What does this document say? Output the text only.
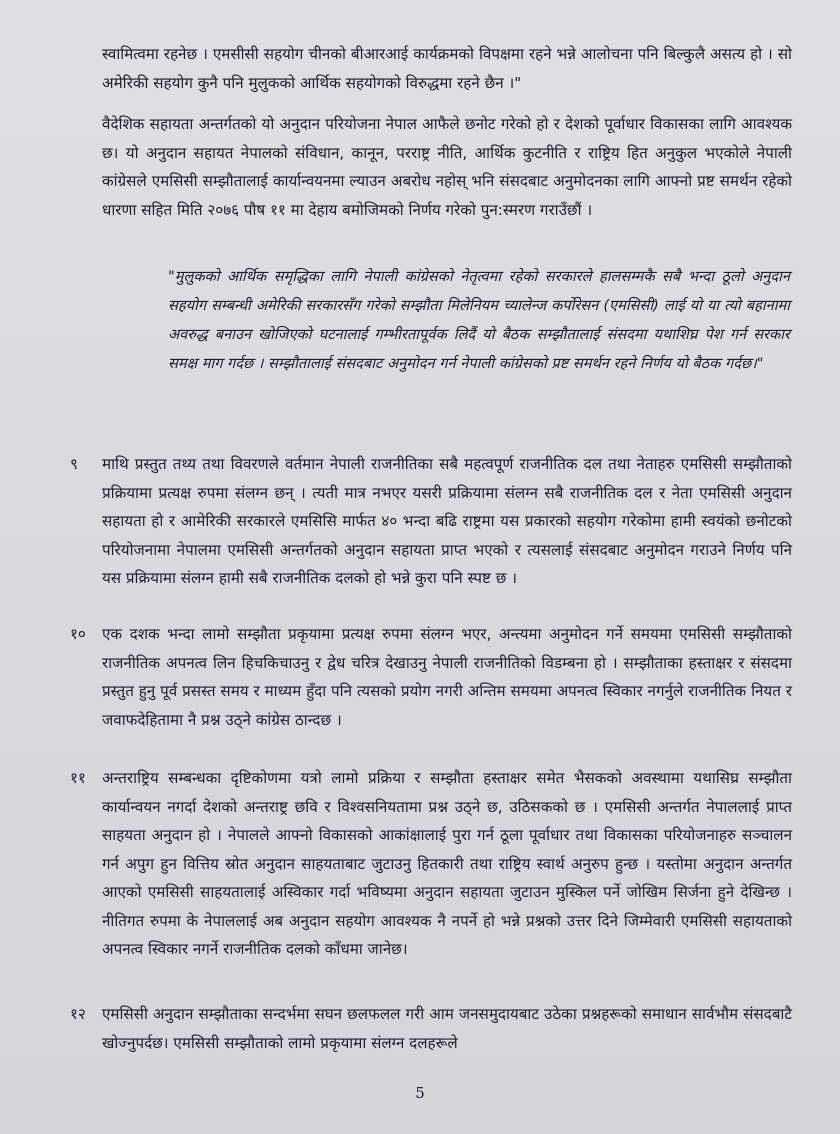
स्वामित्वमा रहनेछ । एमसीसी सहयोग चीनको बीआरआई कार्यक्रमको विपक्षमा रहने भन्ने आलोचना पनि बिल्कुलै असत्य हो । सो अमेरिकी सहयोग कुनै पनि मुलुकको आर्थिक सहयोगको विरुद्धमा रहने छैन ।"

वैदेशिक सहायता अन्तर्गतको यो अनुदान परियोजना नेपाल आफैले छनोट गरेको हो र देशको पूर्वाधार विकासका लागि आवश्यक छ। यो अनुदान सहायत नेपालको संविधान, कानून, परराष्ट्र नीति, आर्थिक कुटनीति र राष्ट्रिय हित अनुकुल भएकोले नेपाली कांग्रेसले एमसिसी सम्झौतालाई कार्यान्वयनमा ल्याउन अबरोध नहोस् भनि संसदबाट अनुमोदनका लागि आफ्नो प्रष्ट समर्थन रहेको धारणा सहित मिति २०७६ पौष ११ मा देहाय बमोजिमको निर्णय गरेको पुन:स्मरण गराउँछौं ।

"मुलुकको आर्थिक समृद्धिका लागि नेपाली कांग्रेसको नेतृत्वमा रहेको सरकारले हालसम्मकै सबै भन्दा ठूलो अनुदान सहयोग सम्बन्धी अमेरिकी सरकारसँग गरेको सम्झौता मिलेनियम च्यालेन्ज कर्पोरेसन (एमसिसी) लाई यो या त्यो बहानामा अवरुद्ध बनाउन खोजिएको घटनालाई गम्भीरतापूर्वक लिदैं यो बैठक सम्झौतालाई संसदमा यथाशिघ्र पेश गर्न सरकार समक्ष माग गर्दछ । सम्झौतालाई संसदबाट अनुमोदन गर्न नेपाली कांग्रेसको प्रष्ट समर्थन रहने निर्णय यो बैठक गर्दछ।"

९	माथि प्रस्तुत तथ्य तथा विवरणले वर्तमान नेपाली राजनीतिका सबै महत्वपूर्ण राजनीतिक दल तथा नेताहरु एमसिसी सम्झौताको प्रक्रियामा प्रत्यक्ष रुपमा संलग्न छन् । त्यती मात्र नभएर यसरी प्रक्रियामा संलग्न सबै राजनीतिक दल र नेता एमसिसी अनुदान सहायता हो र आमेरिकी सरकारले एमसिसि मार्फत ४० भन्दा बढि राष्ट्रमा यस प्रकारको सहयोग गरेकोमा हामी स्वयंको छनोटको परियोजनामा नेपालमा एमसिसी अन्तर्गतको अनुदान सहायता प्राप्त भएको र त्यसलाई संसदबाट अनुमोदन गराउने निर्णय पनि यस प्रक्रियामा संलग्न हामी सबै राजनीतिक दलको हो भन्ने कुरा पनि स्पष्ट छ ।

१०	एक दशक भन्दा लामो सम्झौता प्रकृयामा प्रत्यक्ष रुपमा संलग्न भएर, अन्त्यमा अनुमोदन गर्ने समयमा एमसिसी सम्झौताको राजनीतिक अपनत्व लिन हिचकिचाउनु र द्वेध चरित्र देखाउनु नेपाली राजनीतिको विडम्बना हो । सम्झौताका हस्ताक्षर र संसदमा प्रस्तुत हुनु पूर्व प्रसस्त समय र माध्यम हुँदा पनि त्यसको प्रयोग नगरी अन्तिम समयमा अपनत्व स्विकार नगर्नुले राजनीतिक नियत र जवाफदेहितामा नै प्रश्न उठ्ने कांग्रेस ठान्दछ ।

११	अन्तराष्ट्रिय सम्बन्धका दृष्टिकोणमा यत्रो लामो प्रक्रिया र सम्झौता हस्ताक्षर समेत भैसकको अवस्थामा यथासिघ्र सम्झौता कार्यान्वयन नगर्दा देशको अन्तराष्ट्र छवि र विश्वसनियतामा प्रश्न उठ्ने छ, उठिसकको छ । एमसिसी अन्तर्गत नेपाललाई प्राप्त साहयता अनुदान हो । नेपालले आफ्नो विकासको आकांक्षालाई पुरा गर्न ठूला पूर्वाधार तथा विकासका परियोजनाहरु सञ्चालन गर्न अपुग हुन वित्तिय स्रोत अनुदान साहयताबाट जुटाउनु हितकारी तथा राष्ट्रिय स्वार्थ अनुरुप हुन्छ । यस्तोमा अनुदान अन्तर्गत आएको एमसिसी साहयतालाई अस्विकार गर्दा भविष्यमा अनुदान सहायता जुटाउन मुस्किल पर्ने जोखिम सिर्जना हुने देखिन्छ । नीतिगत रुपमा के नेपाललाई अब अनुदान सहयोग आवश्यक नै नपर्ने हो भन्ने प्रश्नको उत्तर दिने जिम्मेवारी एमसिसी सहायताको अपनत्व स्विकार नगर्ने राजनीतिक दलको काँधमा जानेछ।

१२	एमसिसी अनुदान सम्झौताका सन्दर्भमा सघन छलफलल गरी आम जनसमुदायबाट उठेका प्रश्नहरूको समाधान सार्वभौम संसदबाटै खोज्नुपर्दछ। एमसिसी सम्झौताको लामो प्रकृयामा संलग्न दलहरूले

5
